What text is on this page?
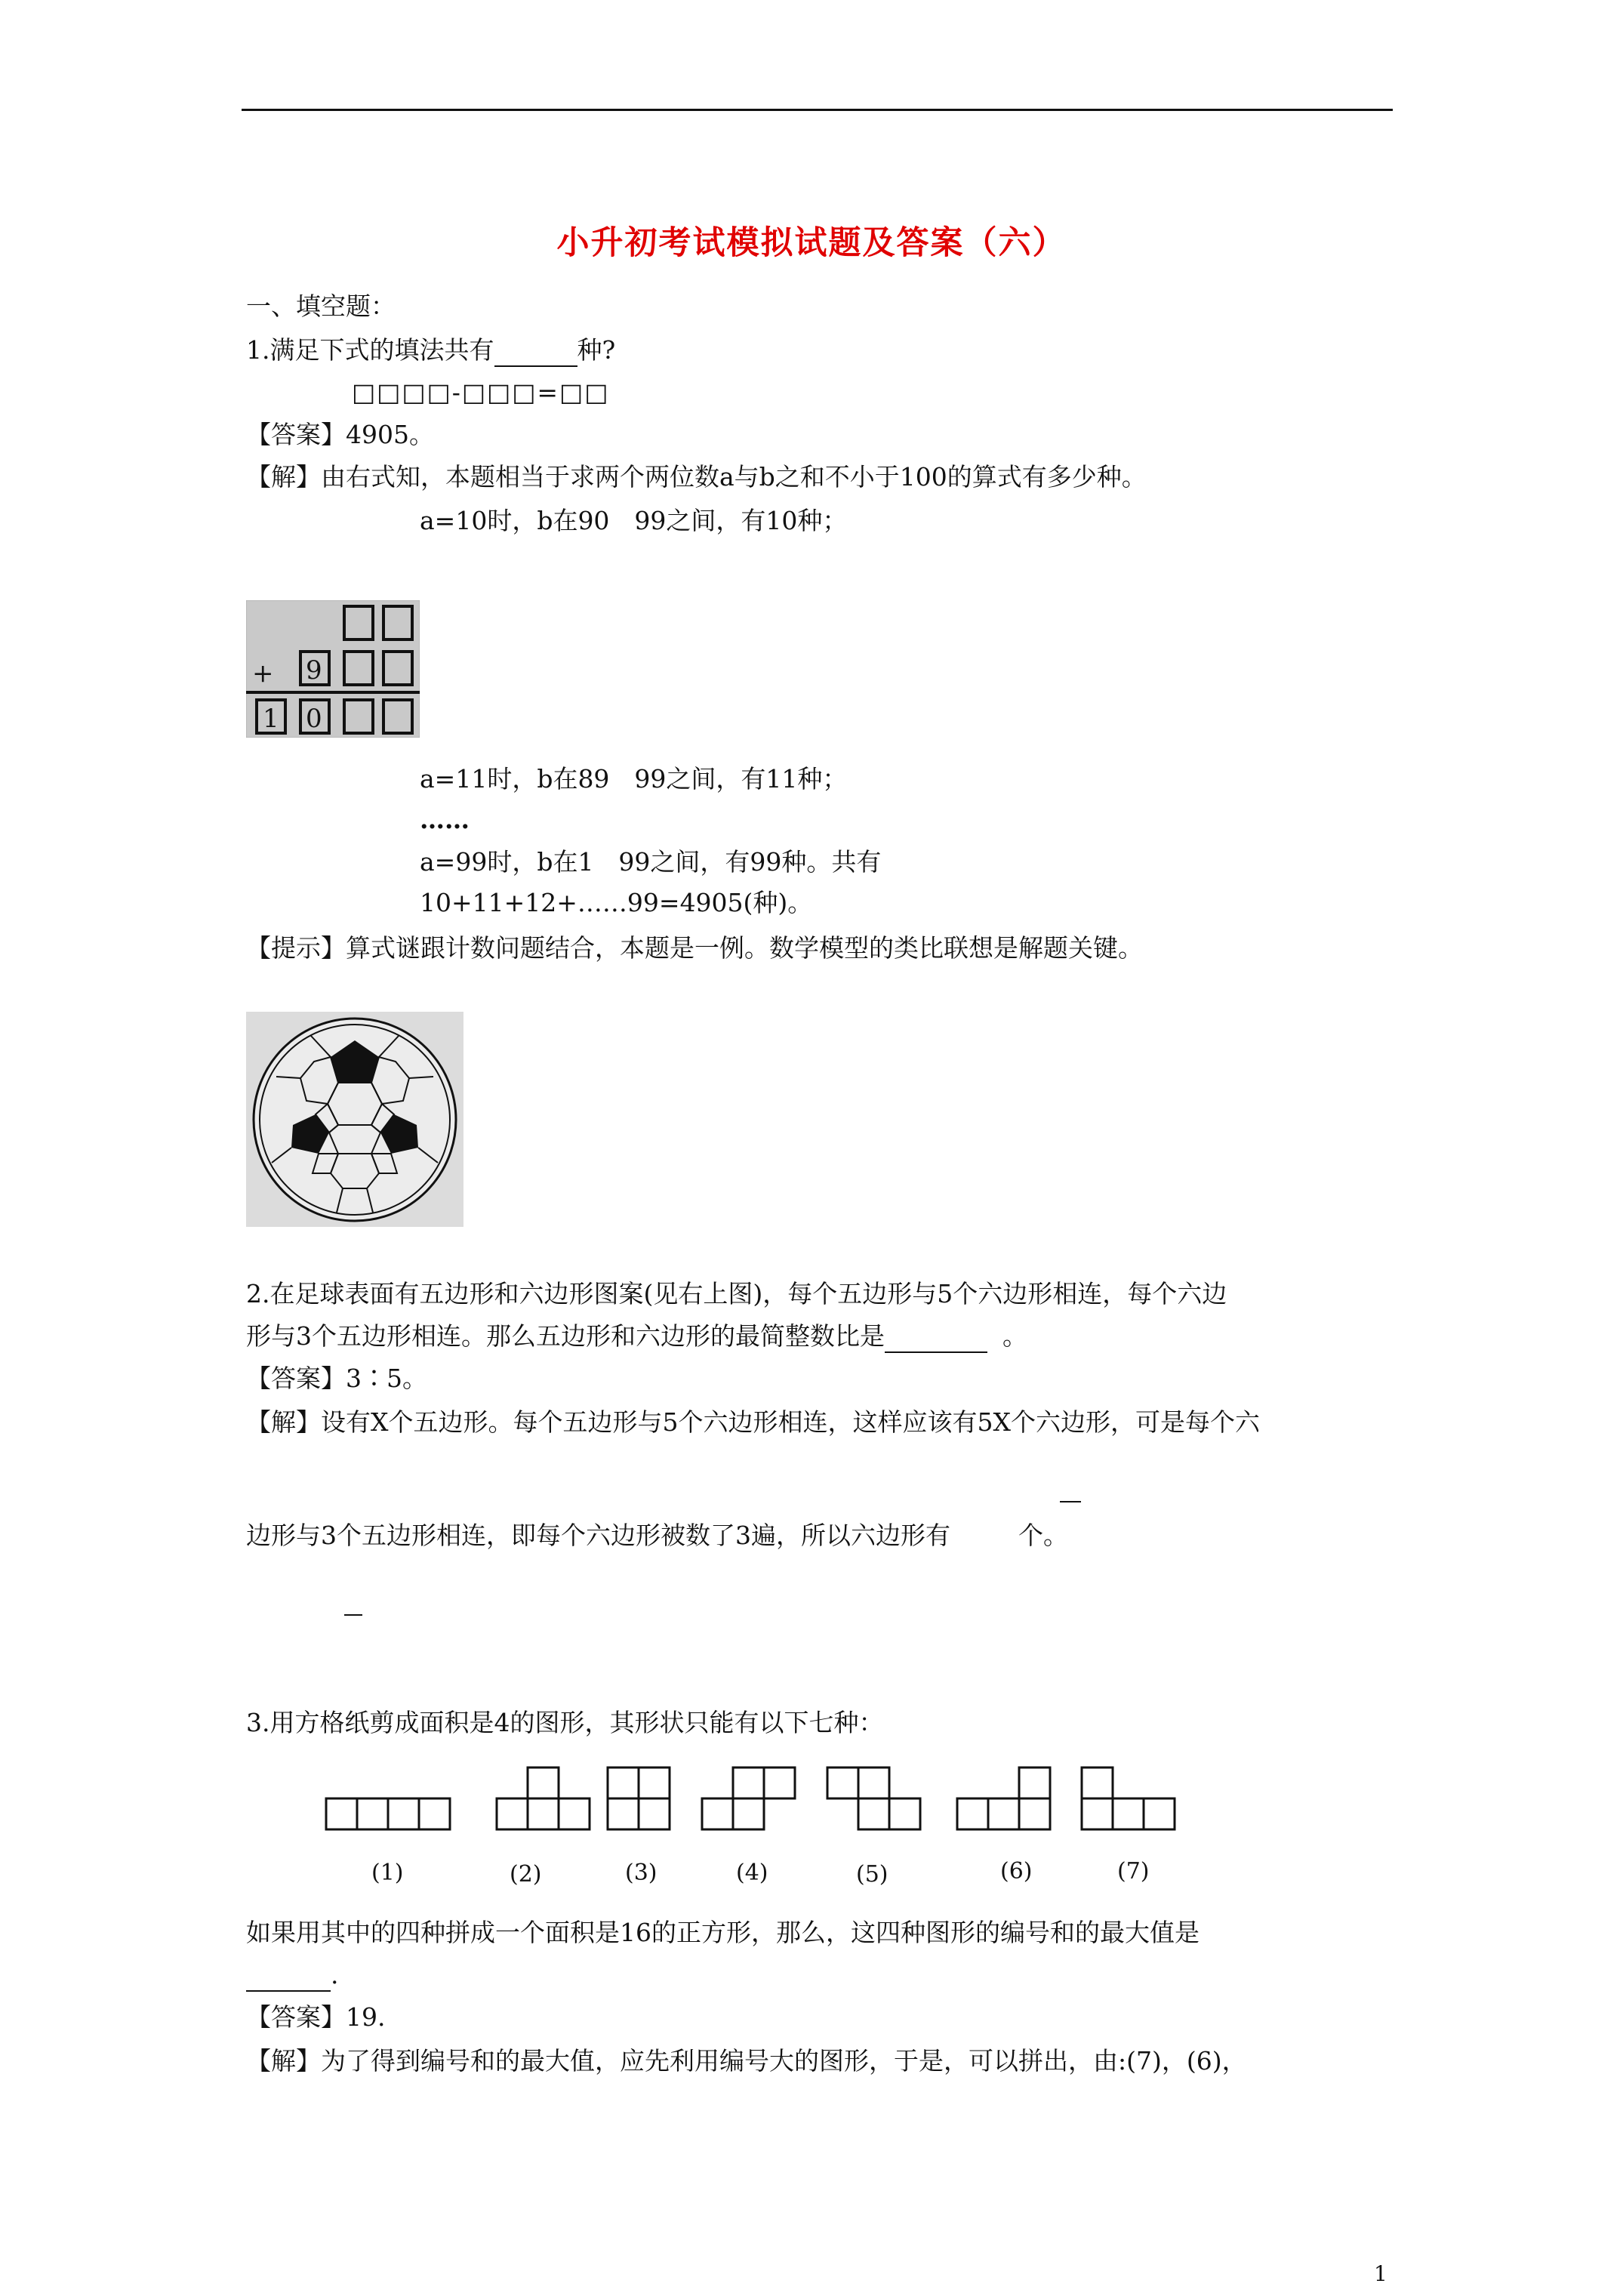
小升初考试模拟试题及答案（六）
一、填空题：
1.满足下式的填法共有	种?
□□□□-□□□=□□
【答案】4905。
【解】由右式知，本题相当于求两个两位数a与b之和不小于100的算式有多少种。
a=10时，b在90　99之间，有10种；
+ 9
1 0
a=11时，b在89　99之间，有11种；
……
a=99时，b在1　99之间，有99种。共有
10+11+12+……99=4905(种)。
【提示】算式谜跟计数问题结合，本题是一例。数学模型的类比联想是解题关键。
2.在足球表面有五边形和六边形图案(见右上图)，每个五边形与5个六边形相连，每个六边
形与3个五边形相连。那么五边形和六边形的最简整数比是	。
【答案】3∶5。
【解】设有X个五边形。每个五边形与5个六边形相连，这样应该有5X个六边形，可是每个六
边形与3个五边形相连，即每个六边形被数了3遍，所以六边形有	个。
3.用方格纸剪成面积是4的图形，其形状只能有以下七种：
(1)	(2)	(3)	(4)	(5)	(6)	(7)
如果用其中的四种拼成一个面积是16的正方形，那么，这四种图形的编号和的最大值是
.
【答案】19.
【解】为了得到编号和的最大值，应先利用编号大的图形，于是，可以拼出，由:(7)，(6)，
1
